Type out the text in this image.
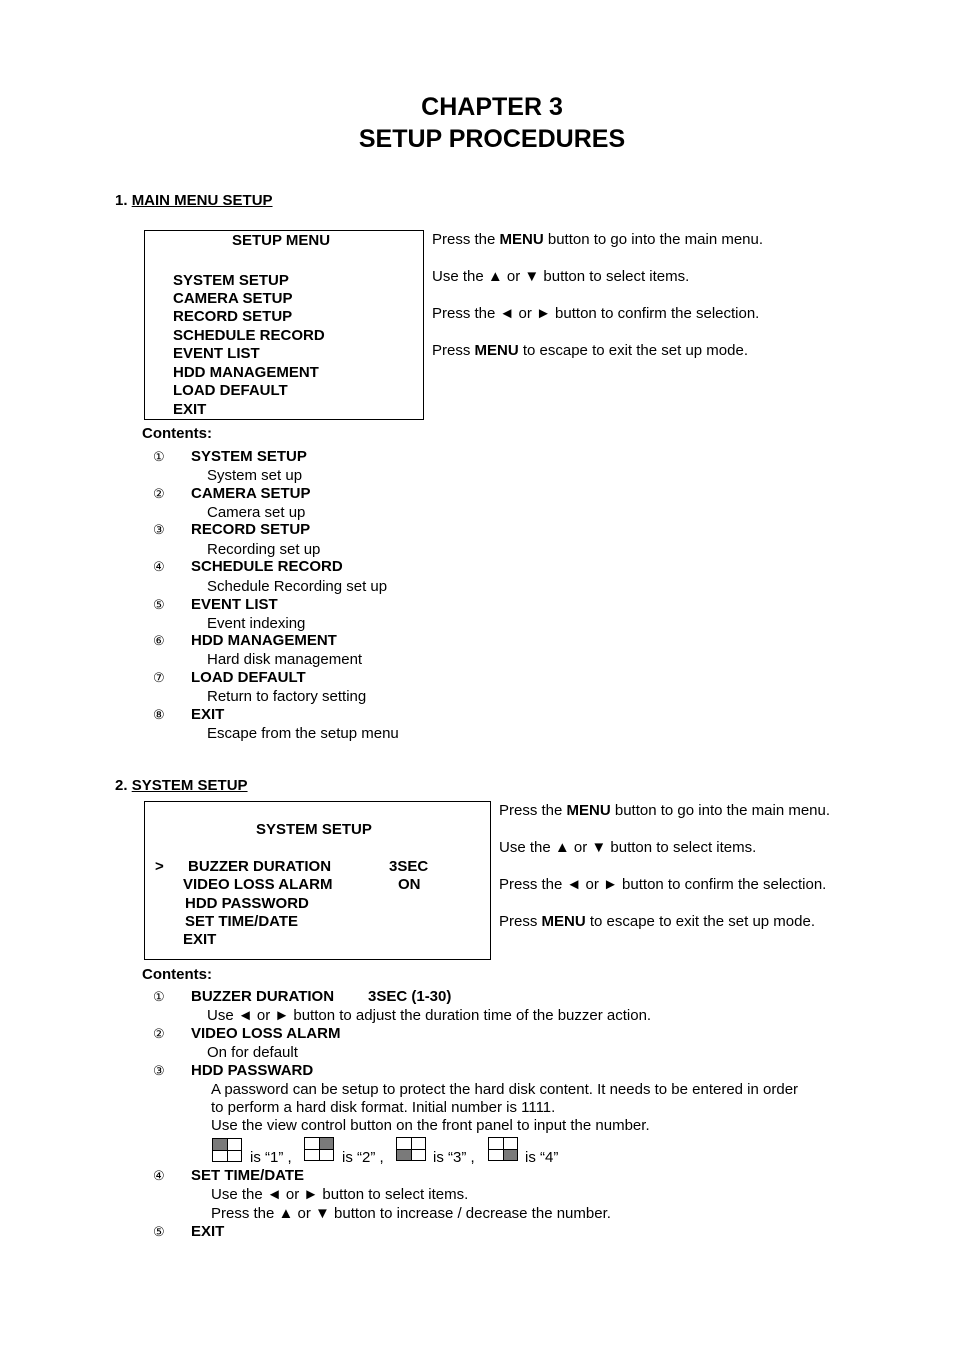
CHAPTER 3
SETUP PROCEDURES
1. MAIN MENU SETUP
SETUP MENU
SYSTEM SETUP
CAMERA SETUP
RECORD SETUP
SCHEDULE RECORD
EVENT LIST
HDD MANAGEMENT
LOAD DEFAULT
EXIT
Press the MENU button to go into the main menu.
Use the ▲ or ▼ button to select items.
Press the ◄ or ► button to confirm the selection.
Press MENU to escape to exit the set up mode.
Contents:
① SYSTEM SETUP
System set up
② CAMERA SETUP
Camera set up
③ RECORD SETUP
Recording set up
④ SCHEDULE RECORD
Schedule Recording set up
⑤ EVENT LIST
Event indexing
⑥ HDD MANAGEMENT
Hard disk management
⑦ LOAD DEFAULT
Return to factory setting
⑧ EXIT
Escape from the setup menu
2. SYSTEM SETUP
SYSTEM SETUP
> BUZZER DURATION	3SEC
VIDEO LOSS ALARM	ON
HDD PASSWORD
SET TIME/DATE
EXIT
Press the MENU button to go into the main menu.
Use the ▲ or ▼ button to select items.
Press the ◄ or ► button to confirm the selection.
Press MENU to escape to exit the set up mode.
Contents:
① BUZZER DURATION 3SEC (1-30)
Use ◄ or ► button to adjust the duration time of the buzzer action.
② VIDEO LOSS ALARM
On for default
③ HDD PASSWARD
A password can be setup to protect the hard disk content. It needs to be entered in order
to perform a hard disk format. Initial number is 1111.
Use the view control button on the front panel to input the number.
is “1” ,	is “2” ,	is “3” ,	is “4”
④ SET TIME/DATE
Use the ◄ or ► button to select items.
Press the ▲ or ▼ button to increase / decrease the number.
⑤ EXIT
